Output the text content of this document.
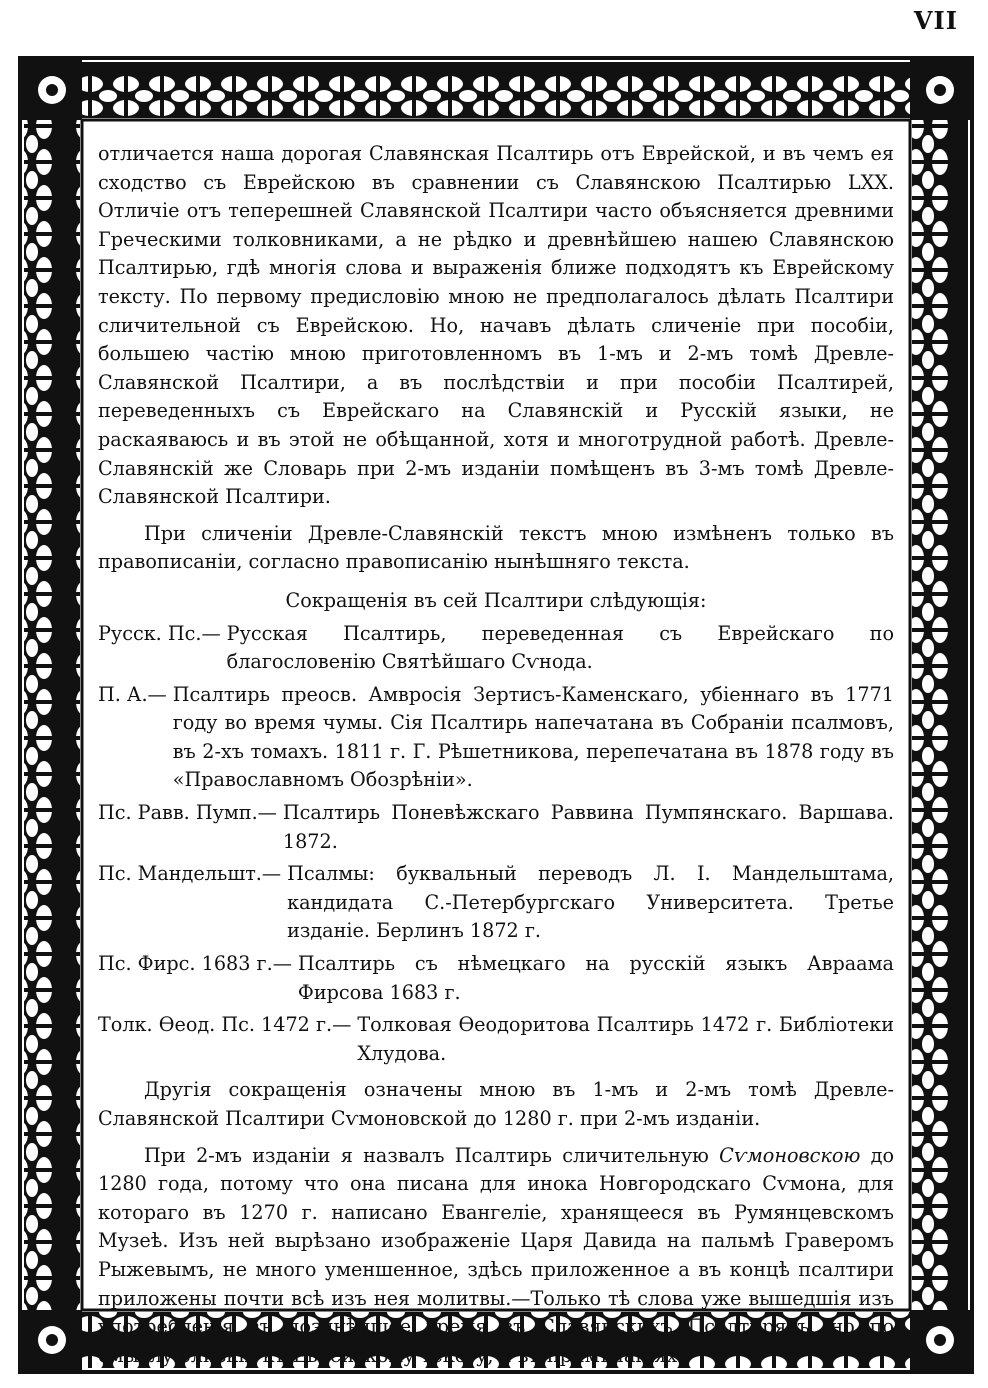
VII

отличается наша дорогая Славянская Псалтирь отъ Еврейской, и въ чемъ ея сходство съ Еврейскою въ сравнении съ Славянскою Псалтирью LXX. Отличіе отъ теперешней Славянской Псалтири часто объясняется древними Греческими толковниками, а не рѣдко и древнѣйшею нашею Славянскою Псалтирью, гдѣ многія слова и выраженія ближе подходятъ къ Еврейскому тексту. По первому предисловію мною не предполагалось дѣлать Псалтири сличительной съ Еврейскою. Но, начавъ дѣлать сличеніе при пособіи, большею частію мною приготовленномъ въ 1-мъ и 2-мъ томѣ Древле-Славянской Псалтири, а въ послѣдствіи и при пособіи Псалтирей, переведенныхъ съ Еврейскаго на Славянскій и Русскій языки, не раскаяваюсь и въ этой не обѣщанной, хотя и многотрудной работѣ. Древле-Славянскій же Словарь при 2-мъ изданіи помѣщенъ въ 3-мъ томѣ Древле-Славянской Псалтири.

При сличеніи Древле-Славянскій текстъ мною измѣненъ только въ правописаніи, согласно правописанію нынѣшняго текста.

Сокращенія въ сей Псалтири слѣдующія:

Русск. Пс.— Русская Псалтирь, переведенная съ Еврейскаго по благословенію Святѣйшаго Сѵнода.
П. А.— Псалтирь преосв. Амвросія Зертисъ-Каменскаго, убіеннаго въ 1771 году во время чумы. Сія Псалтирь напечатана въ Собраніи псалмовъ, въ 2-хъ томахъ. 1811 г. Г. Рѣшетникова, перепечатана въ 1878 году въ «Православномъ Обозрѣніи».
Пс. Равв. Пумп.— Псалтирь Поневѣжскаго Раввина Пумпянскаго. Варшава. 1872.
Пс. Мандельшт.— Псалмы: буквальный переводъ Л. І. Мандельштама, кандидата С.-Петербургскаго Университета. Третье изданіе. Берлинъ 1872 г.
Пс. Фирс. 1683 г.— Псалтирь съ нѣмецкаго на русскій языкъ Авраама Фирсова 1683 г.
Толк. Ѳеод. Пс. 1472 г.— Толковая Ѳеодоритова Псалтирь 1472 г. Библіотеки Хлудова.

Другія сокращенія означены мною въ 1-мъ и 2-мъ томѣ Древле-Славянской Псалтири Сѵмоновской до 1280 г. при 2-мъ изданіи.

При 2-мъ изданіи я назвалъ Псалтирь сличительную Сѵмоновскою до 1280 года, потому что она писана для инока Новгородскаго Сѵмона, для котораго въ 1270 г. написано Евангеліе, хранящееся въ Румянцевскомъ Музеѣ. Изъ ней вырѣзано изображеніе Царя Давида на пальмѣ Граверомъ Рыжевымъ, не много уменшенное, здѣсь приложенное а въ концѣ псалтири приложены почти всѣ изъ нея молитвы.—Только тѣ слова уже вышедшія изъ употребленія въ позднѣйшее время въ Славянскихъ Псалтиряхъ, но по смыслу близкія къ Еврейскому тексту, я въ примѣчаніяхъ
